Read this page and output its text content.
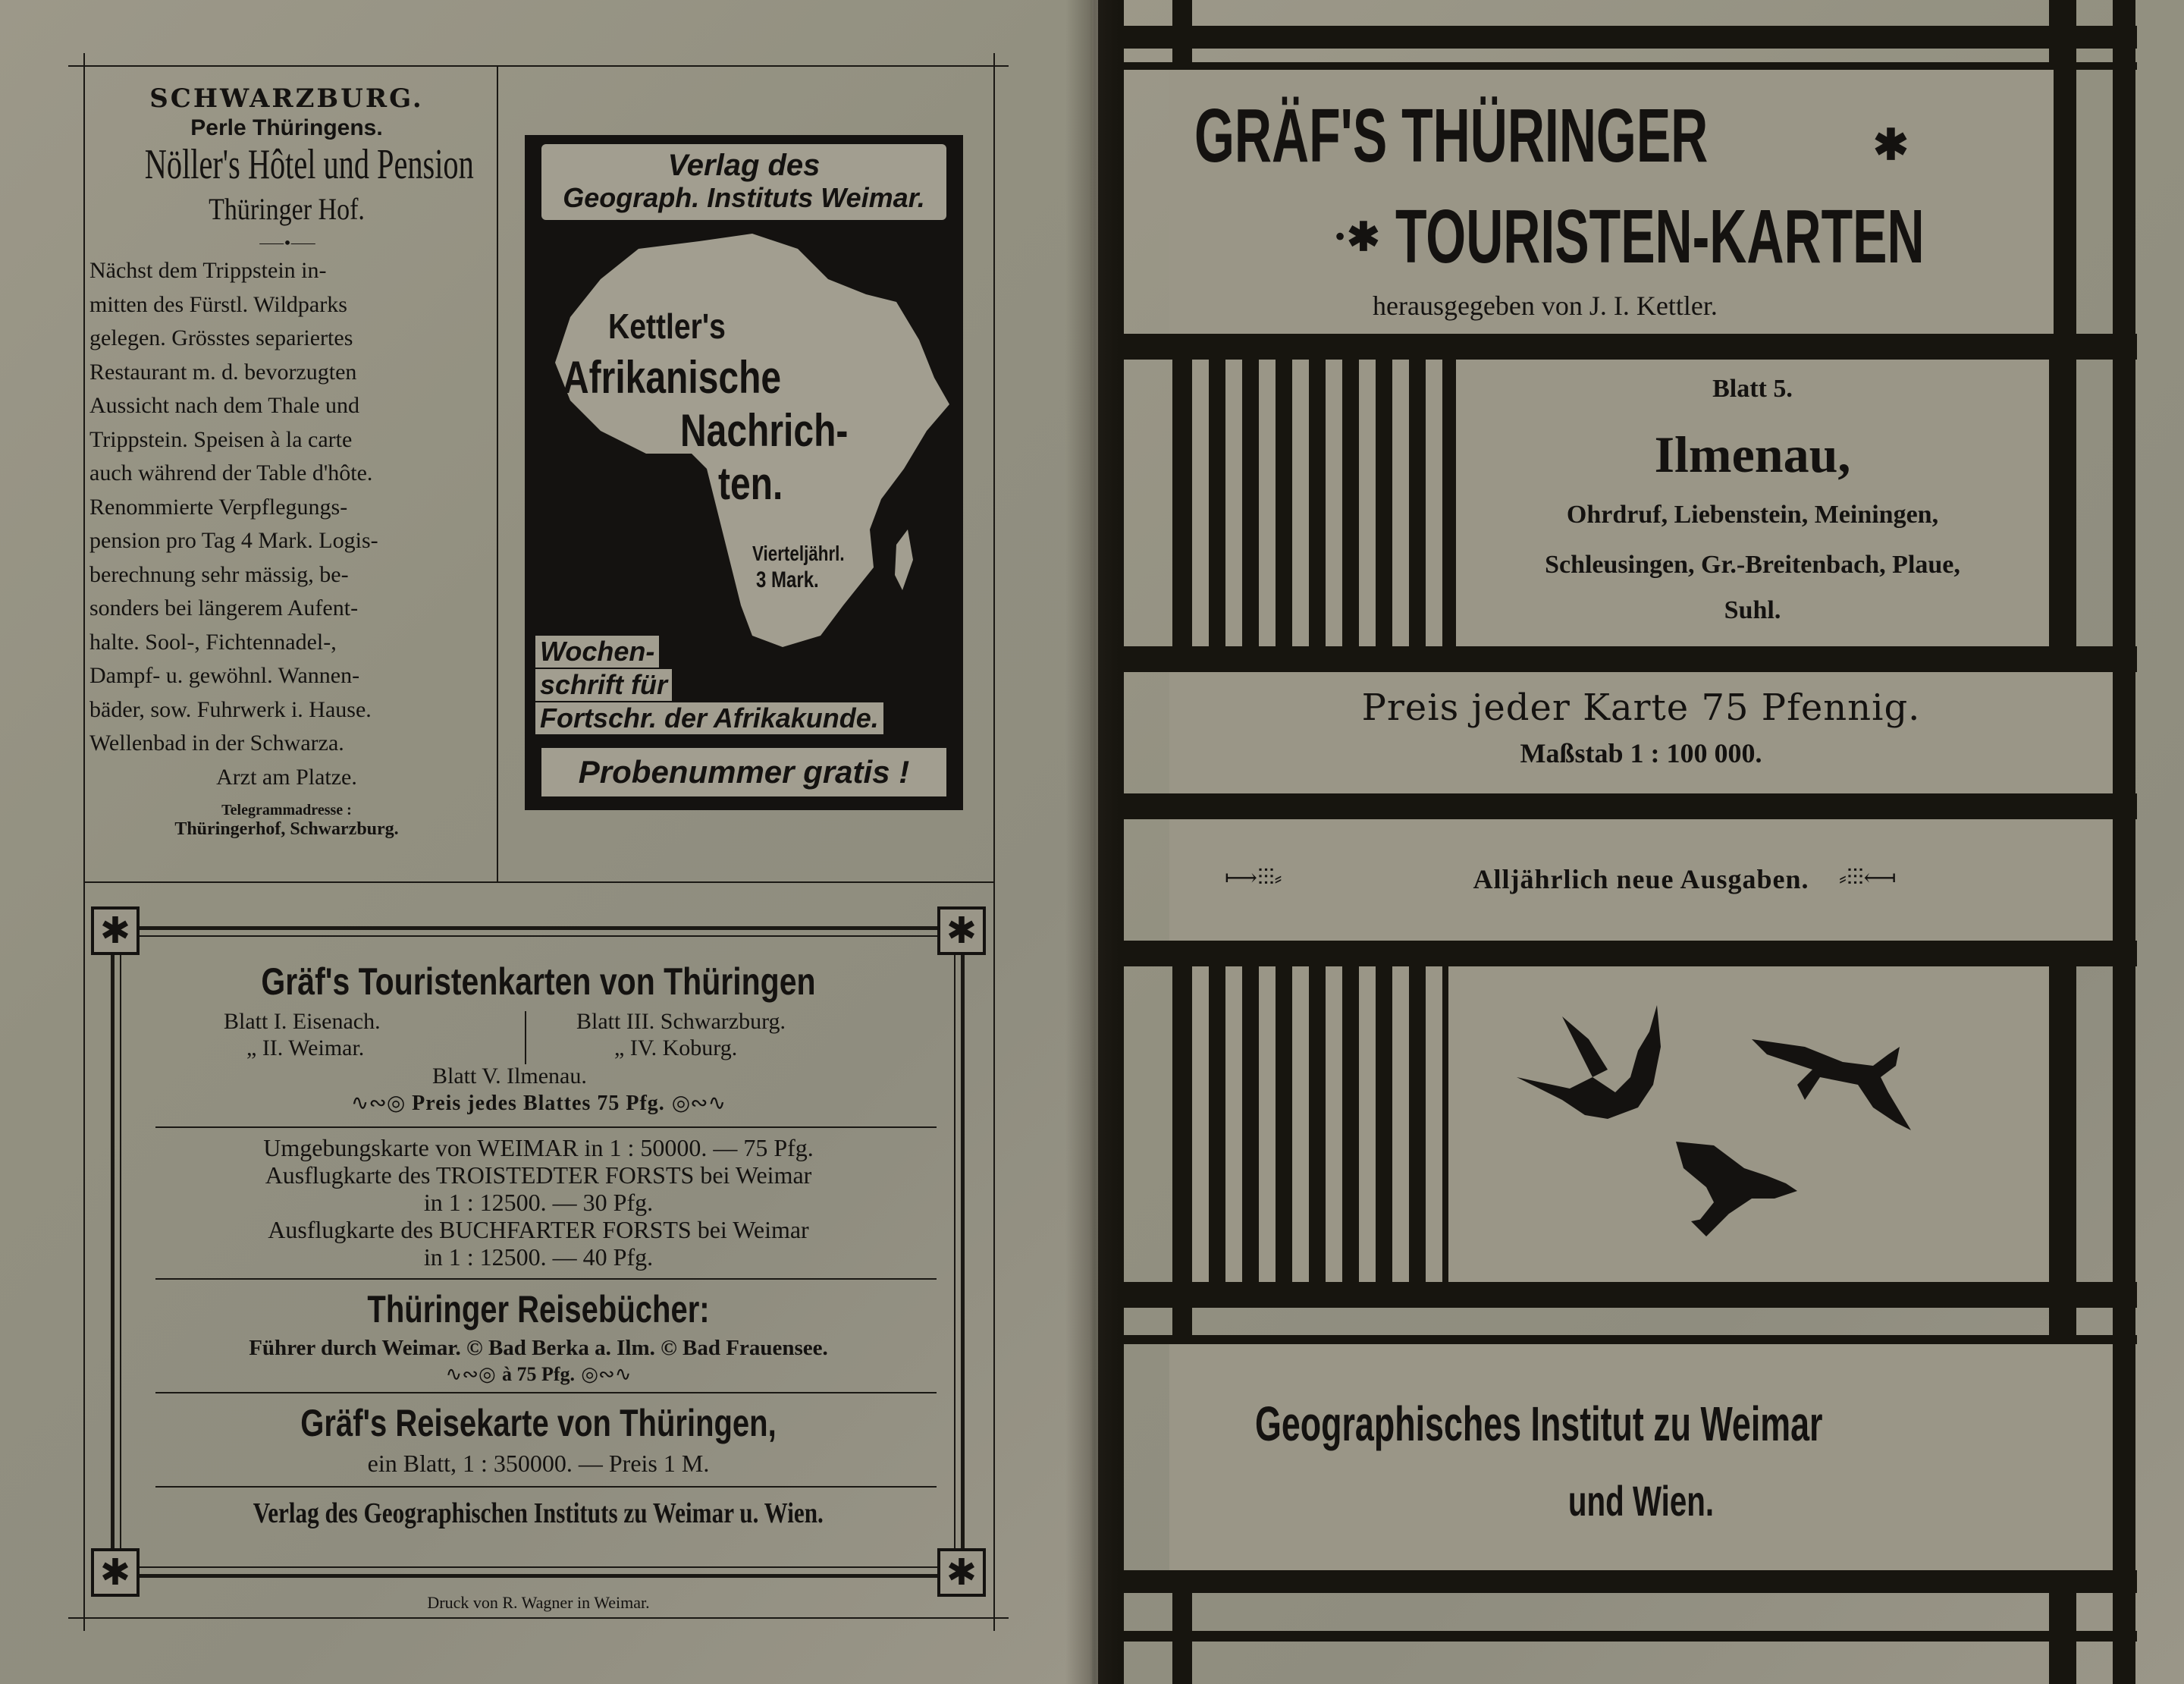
SCHWARZBURG.
Perle Thüringens.
Nöller's Hôtel und Pension
Thüringer Hof.
⸺•⸺

Nächst dem Trippstein in-

mitten des Fürstl. Wildparks

gelegen. Grösstes separiertes

Restaurant m. d. bevorzugten

Aussicht nach dem Thale und

Trippstein. Speisen à la carte

auch während der Table d'hôte.

Renommierte Verpflegungs-

pension pro Tag 4 Mark. Logis-

berechnung sehr mässig, be-

sonders bei längerem Aufent-

halte. Sool-, Fichtennadel-,

Dampf- u. gewöhnl. Wannen-

bäder, sow. Fuhrwerk i. Hause.

Wellenbad in der Schwarza.

Arzt am Platze.

Telegrammadresse :
Thüringerhof, Schwarzburg.
Verlag des
Geograph. Instituts Weimar.
Kettler's
Afrikanische
Nachrich-
ten.
Vierteljährl.
3 Mark.
Wochen-
schrift für
Fortschr. der Afrikakunde.
Probenummer gratis !
✱	✱
✱	✱
Gräf's Touristenkarten von Thüringen
Blatt I. Eisenach.
„ II. Weimar.
Blatt III. Schwarzburg.
„ IV. Koburg.
Blatt V. Ilmenau.
∿∾◎ Preis jedes Blattes 75 Pfg. ◎∾∿
Umgebungskarte von WEIMAR in 1 : 50000. — 75 Pfg.
Ausflugkarte des TROISTEDTER FORSTS bei Weimar
in 1 : 12500. — 30 Pfg.
Ausflugkarte des BUCHFARTER FORSTS bei Weimar
in 1 : 12500. — 40 Pfg.
Thüringer Reisebücher:
Führer durch Weimar. © Bad Berka a. Ilm. © Bad Frauensee.
∿∾◎ à 75 Pfg. ◎∾∿
Gräf's Reisekarte von Thüringen,
ein Blatt, 1 : 350000. — Preis 1 M.
Verlag des Geographischen Instituts zu Weimar u. Wien.
Druck von R. Wagner in Weimar.
GRÄF'S THÜRINGER	✱
·✱ TOURISTEN-KARTEN
herausgegeben von J. I. Kettler.
Blatt 5.
Ilmenau,
Ohrdruf, Liebenstein, Meiningen,
Schleusingen, Gr.-Breitenbach, Plaue,
Suhl.
Preis jeder Karte 75 Pfennig.
Maßstab 1 : 100 000.
⟼⫶⫶⫶⸗	Alljährlich neue Ausgaben.	⸗⫶⫶⫶⟻
Geographisches Institut zu Weimar
und Wien.
